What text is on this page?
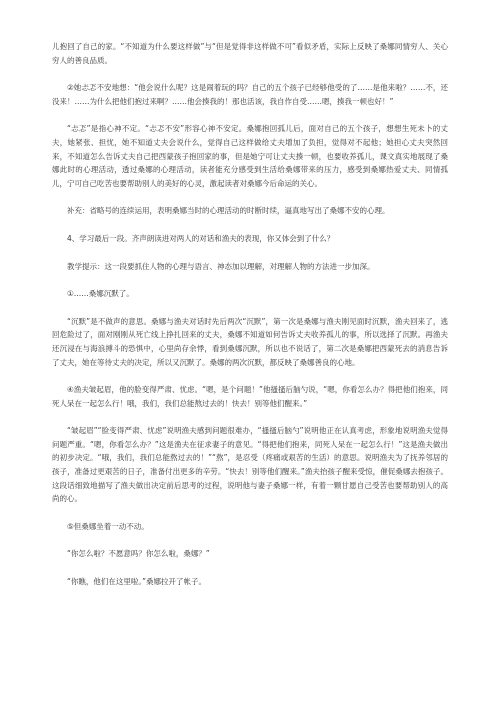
儿抱回了自己的家。“不知道为什么要这样做”与“但是觉得非这样做不可”看似矛盾，实际上反映了桑娜同情穷人、关心穷人的善良品质。

②她忐忑不安地想：“他会说什么呢？这是闹着玩的吗？自己的五个孩子已经够他受的了……是他来啦？……不，还没来！……为什么把他们抱过来啊？……他会揍我的！那也活该，我自作自受……嗯，揍我一顿也好！”

“忐忑”是指心神不定。“忐忑不安”形容心神不安定。桑娜抱回孤儿后，面对自己的五个孩子，想想生死未卜的丈夫，她紧张、担忧，她不知道丈夫会说什么，觉得自己这样做给丈夫增加了负担，觉得对不起他；她担心丈夫突然回来，不知道怎么告诉丈夫自己把西蒙孩子抱回家的事，但是她宁可让丈夫揍一顿，也要收养孤儿，课文真实地展现了桑娜此时的心理活动，透过桑娜的心理活动，读者能充分感受到生活给桑娜带来的压力，感受到桑娜热爱丈夫、同情孤儿，宁可自己吃苦也要帮助别人的美好的心灵，激起读者对桑娜今后命运的关心。

补充：省略号的连续运用，表明桑娜当时的心理活动的时断时续，逼真地写出了桑娜不安的心理。

4、学习最后一段。齐声朗读进对两人的对话和渔夫的表现，你又体会到了什么？

教学提示：这一段要抓住人物的心理与语言、神态加以理解，对理解人物的方法进一步加深。

①……桑娜沉默了。

“沉默”是不做声的意思。桑娜与渔夫对话时先后两次“沉默”，第一次是桑娜与渔夫刚见面时沉默，渔夫回来了，逃回危险过了，面对刚刚从死亡线上挣扎回来的丈夫，桑娜不知道如何告诉丈夫收养孤儿的事，所以选择了沉默。再渔夫还沉浸在与海浪搏斗的恐惧中，心里尚存余悸，看到桑娜沉默，所以也不说话了，第二次是桑娜把西蒙死去的消息告诉了丈夫，她在等待丈夫的决定，所以又沉默了。桑娜的两次沉默，都反映了桑娜善良的心地。

④渔夫皱起眉，他的脸变得严肃、忧虑。“嗯，是个问题！”他搔搔后脑勺说，“嗯，你看怎么办？得把他们抱来，同死人呆在一起怎么行！哦，我们，我们总能熬过去的！快去！别等他们醒来。”

“皱起眉”“脸变得严肃、忧虑”说明渔夫感到问题很难办，“搔搔后脑勺”说明他正在认真考虑，形象地说明渔夫觉得问题严重。“嗯，你看怎么办？”这是渔夫在征求妻子的意见。“得把他们抱来，同死人呆在一起怎么行！”这是渔夫做出的初步决定。“哦，我们，我们总能熬过去的！”“熬”，是忍受（疼痛或艰苦的生活）的意思。说明渔夫为了抚养邻居的孩子，准备过更艰苦的日子，准备付出更多的辛劳。“快去！别等他们醒来。”渔夫抬孩子醒来受惊，催促桑娜去抱孩子。这段话细致地描写了渔夫做出决定前后思考的过程，说明他与妻子桑娜一样，有着一颗甘愿自己受苦也要帮助别人的高尚的心。

⑤但桑娜坐着一动不动。

“你怎么啦？不愿意吗？你怎么啦，桑娜？”

“你瞧，他们在这里啦。”桑娜拉开了帐子。
